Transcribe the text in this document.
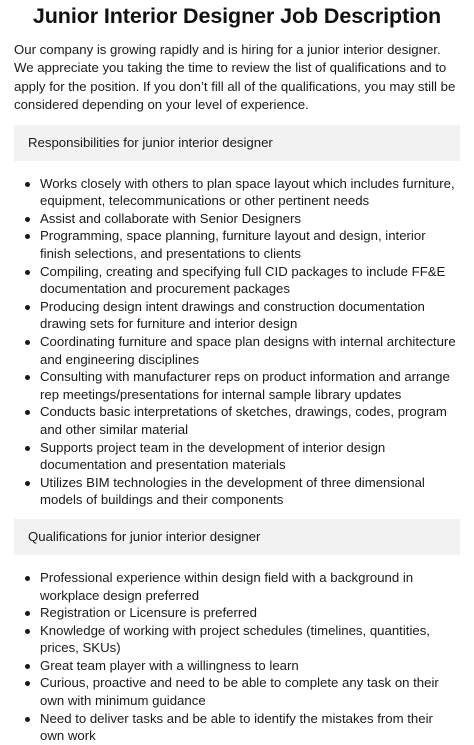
Junior Interior Designer Job Description

Our company is growing rapidly and is hiring for a junior interior designer. We appreciate you taking the time to review the list of qualifications and to apply for the position. If you don’t fill all of the qualifications, you may still be considered depending on your level of experience.

Responsibilities for junior interior designer
Works closely with others to plan space layout which includes furniture, equipment, telecommunications or other pertinent needs
Assist and collaborate with Senior Designers
Programming, space planning, furniture layout and design, interior finish selections, and presentations to clients
Compiling, creating and specifying full CID packages to include FF&E documentation and procurement packages
Producing design intent drawings and construction documentation drawing sets for furniture and interior design
Coordinating furniture and space plan designs with internal architecture and engineering disciplines
Consulting with manufacturer reps on product information and arrange rep meetings/presentations for internal sample library updates
Conducts basic interpretations of sketches, drawings, codes, program and other similar material
Supports project team in the development of interior design documentation and presentation materials
Utilizes BIM technologies in the development of three dimensional models of buildings and their components
Qualifications for junior interior designer
Professional experience within design field with a background in workplace design preferred
Registration or Licensure is preferred
Knowledge of working with project schedules (timelines, quantities, prices, SKUs)
Great team player with a willingness to learn
Curious, proactive and need to be able to complete any task on their own with minimum guidance
Need to deliver tasks and be able to identify the mistakes from their own work
